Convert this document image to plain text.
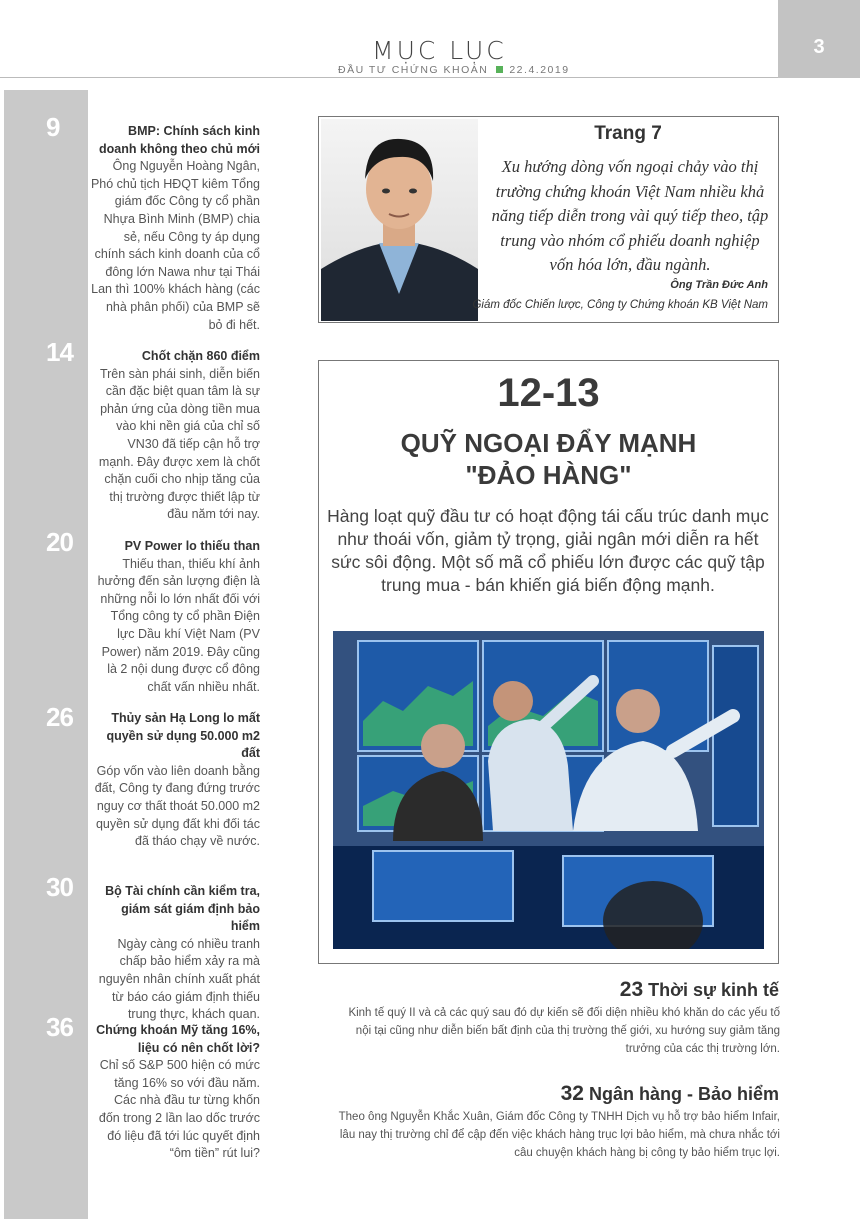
MỤC LỤC
ĐẦU TƯ CHỨNG KHOÁN 22.4.2019
3
9	BMP: Chính sách kinh doanh không theo chủ mới
Ông Nguyễn Hoàng Ngân, Phó chủ tịch HĐQT kiêm Tổng giám đốc Công ty cổ phần Nhựa Bình Minh (BMP) chia sẻ, nếu Công ty áp dụng chính sách kinh doanh của cổ đông lớn Nawa như tại Thái Lan thì 100% khách hàng (các nhà phân phối) của BMP sẽ bỏ đi hết.
14	Chốt chặn 860 điểm
Trên sàn phái sinh, diễn biến cần đặc biệt quan tâm là sự phản ứng của dòng tiền mua vào khi nền giá của chỉ số VN30 đã tiếp cận hỗ trợ mạnh. Đây được xem là chốt chặn cuối cho nhịp tăng của thị trường được thiết lập từ đầu năm tới nay.
20	PV Power lo thiếu than
Thiếu than, thiếu khí ảnh hưởng đến sản lượng điện là những nỗi lo lớn nhất đối với Tổng công ty cổ phần Điện lực Dầu khí Việt Nam (PV Power) năm 2019. Đây cũng là 2 nội dung được cổ đông chất vấn nhiều nhất.
26	Thủy sản Hạ Long lo mất quyền sử dụng 50.000 m2 đất
Góp vốn vào liên doanh bằng đất, Công ty đang đứng trước nguy cơ thất thoát 50.000 m2 quyền sử dụng đất khi đối tác đã tháo chạy về nước.
30	Bộ Tài chính cần kiểm tra, giám sát giám định bảo hiểm
Ngày càng có nhiều tranh chấp bảo hiểm xảy ra mà nguyên nhân chính xuất phát từ báo cáo giám định thiếu trung thực, khách quan.
36	Chứng khoán Mỹ tăng 16%, liệu có nên chốt lời?
Chỉ số S&P 500 hiện có mức tăng 16% so với đầu năm. Các nhà đầu tư từng khốn đốn trong 2 lần lao dốc trước đó liệu đã tới lúc quyết định “ôm tiền” rút lui?
Trang 7
Xu hướng dòng vốn ngoại chảy vào thị trường chứng khoán Việt Nam nhiều khả năng tiếp diễn trong vài quý tiếp theo, tập trung vào nhóm cổ phiếu doanh nghiệp vốn hóa lớn, đầu ngành.
Ông Trần Đức Anh
Giám đốc Chiến lược, Công ty Chứng khoán KB Việt Nam
12-13
QUỸ NGOẠI ĐẨY MẠNH
"ĐẢO HÀNG"
Hàng loạt quỹ đầu tư có hoạt động tái cấu trúc danh mục như thoái vốn, giảm tỷ trọng, giải ngân mới diễn ra hết sức sôi động. Một số mã cổ phiếu lớn được các quỹ tập trung mua - bán khiến giá biến động mạnh.
23 Thời sự kinh tế
Kinh tế quý II và cả các quý sau đó dự kiến sẽ đối diện nhiều khó khăn do các yếu tố nội tại cũng như diễn biến bất định của thị trường thế giới, xu hướng suy giảm tăng trưởng của các thị trường lớn.
32 Ngân hàng - Bảo hiểm
Theo ông Nguyễn Khắc Xuân, Giám đốc Công ty TNHH Dịch vụ hỗ trợ bảo hiểm Infair, lâu nay thị trường chỉ để cập đến việc khách hàng trục lợi bảo hiểm, mà chưa nhắc tới câu chuyện khách hàng bị công ty bảo hiểm trục lợi.
